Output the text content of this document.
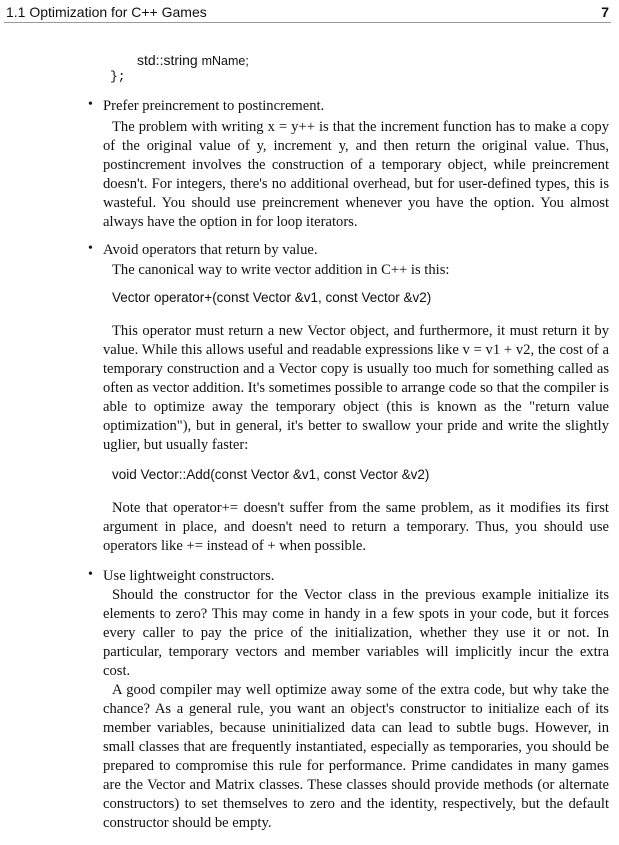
1.1 Optimization for C++ Games	7
std::string mName;
};
• Prefer preincrement to postincrement.
The problem with writing x = y++ is that the increment function has to make a copy of the original value of y, increment y, and then return the original value. Thus, postincrement involves the construction of a temporary object, while preincrement doesn't. For integers, there's no additional overhead, but for user-defined types, this is wasteful. You should use preincrement whenever you have the option. You almost always have the option in for loop iterators.
• Avoid operators that return by value.
The canonical way to write vector addition in C++ is this:
Vector operator+(const Vector &v1, const Vector &v2)
This operator must return a new Vector object, and furthermore, it must return it by value. While this allows useful and readable expressions like v = v1 + v2, the cost of a temporary construction and a Vector copy is usually too much for something called as often as vector addition. It's sometimes possible to arrange code so that the compiler is able to optimize away the temporary object (this is known as the "return value optimization"), but in general, it's better to swallow your pride and write the slightly uglier, but usually faster:
void Vector::Add(const Vector &v1, const Vector &v2)
Note that operator+= doesn't suffer from the same problem, as it modifies its first argument in place, and doesn't need to return a temporary. Thus, you should use operators like += instead of + when possible.
• Use lightweight constructors.
Should the constructor for the Vector class in the previous example initialize its elements to zero? This may come in handy in a few spots in your code, but it forces every caller to pay the price of the initialization, whether they use it or not. In particular, temporary vectors and member variables will implicitly incur the extra cost.
A good compiler may well optimize away some of the extra code, but why take the chance? As a general rule, you want an object's constructor to initialize each of its member variables, because uninitialized data can lead to subtle bugs. However, in small classes that are frequently instantiated, especially as temporaries, you should be prepared to compromise this rule for performance. Prime candidates in many games are the Vector and Matrix classes. These classes should provide methods (or alternate constructors) to set themselves to zero and the identity, respectively, but the default constructor should be empty.
